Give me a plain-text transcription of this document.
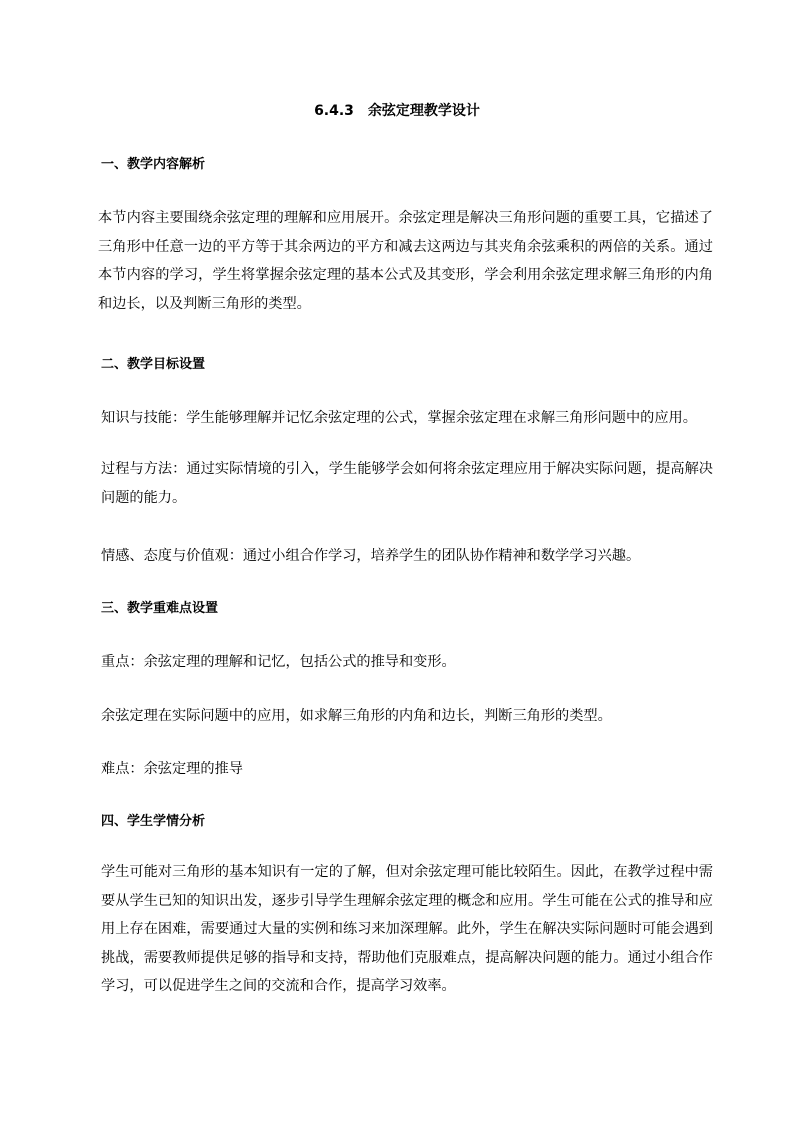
6.4.3　余弦定理教学设计
一、教学内容解析
本节内容主要围绕余弦定理的理解和应用展开。余弦定理是解决三角形问题的重要工具，它描述了三角形中任意一边的平方等于其余两边的平方和减去这两边与其夹角余弦乘积的两倍的关系。通过本节内容的学习，学生将掌握余弦定理的基本公式及其变形，学会利用余弦定理求解三角形的内角和边长，以及判断三角形的类型。
二、教学目标设置
知识与技能：学生能够理解并记忆余弦定理的公式，掌握余弦定理在求解三角形问题中的应用。
过程与方法：通过实际情境的引入，学生能够学会如何将余弦定理应用于解决实际问题，提高解决问题的能力。
情感、态度与价值观：通过小组合作学习，培养学生的团队协作精神和数学学习兴趣。
三、教学重难点设置
重点：余弦定理的理解和记忆，包括公式的推导和变形。
余弦定理在实际问题中的应用，如求解三角形的内角和边长，判断三角形的类型。
难点：余弦定理的推导
四、学生学情分析
学生可能对三角形的基本知识有一定的了解，但对余弦定理可能比较陌生。因此，在教学过程中需要从学生已知的知识出发，逐步引导学生理解余弦定理的概念和应用。学生可能在公式的推导和应用上存在困难，需要通过大量的实例和练习来加深理解。此外，学生在解决实际问题时可能会遇到挑战，需要教师提供足够的指导和支持，帮助他们克服难点，提高解决问题的能力。通过小组合作学习，可以促进学生之间的交流和合作，提高学习效率。
